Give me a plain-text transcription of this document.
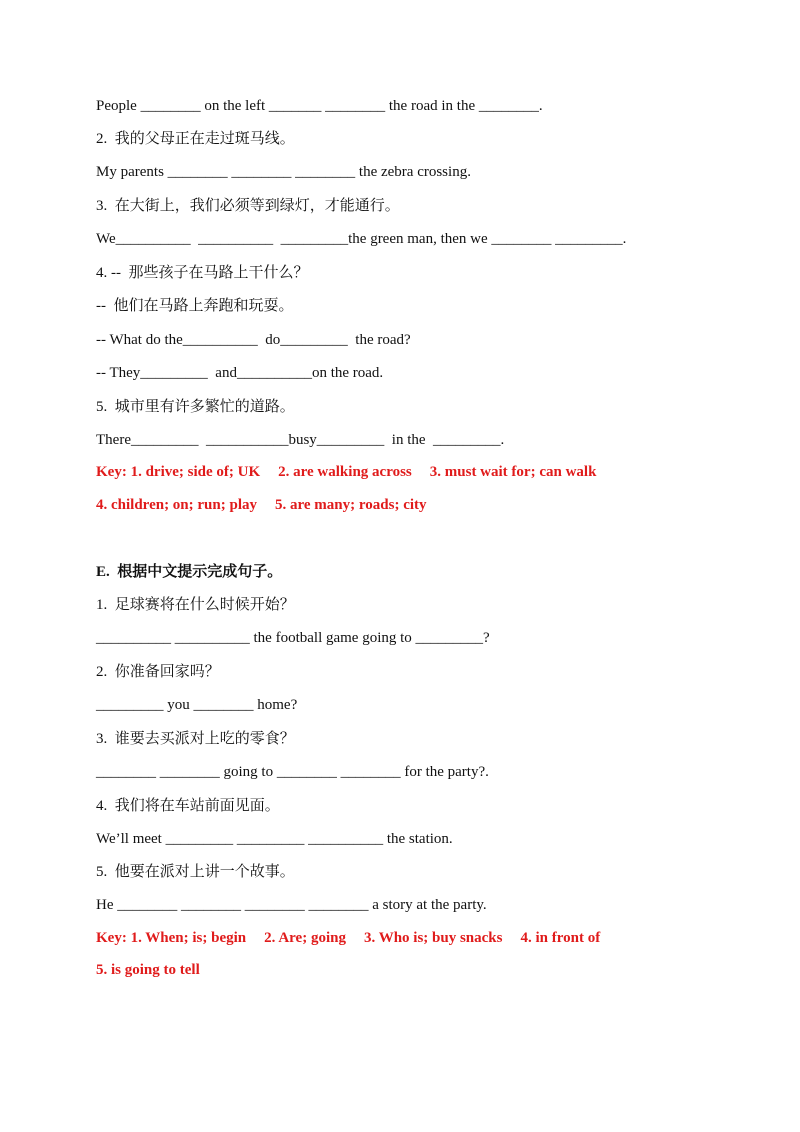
People ________ on the left _______ ________ the road in the ________.
2.  我的父母正在走过斑马线。
My parents ________ ________ ________ the zebra crossing.
3.  在大街上，我们必须等到绿灯，才能通行。
We__________  __________  _________the green man, then we ________ _________.
4. --  那些孩子在马路上干什么？
--  他们在马路上奔跑和玩耍。
-- What do the__________  do_________  the road?
-- They_________  and__________on the road.
5.  城市里有许多繁忙的道路。
There_________  ___________busy_________  in the  _________.
Key: 1. drive; side of; UK 2. are walking across 3. must wait for; can walk
4. children; on; run; play 5. are many; roads; city
E.  根据中文提示完成句子。
1.  足球赛将在什么时候开始？
__________ __________ the football game going to _________?
2.  你准备回家吗？
_________ you ________ home?
3.  谁要去买派对上吃的零食？
________ ________ going to ________ ________ for the party?.
4.  我们将在车站前面见面。
We’ll meet _________ _________ __________ the station.
5.  他要在派对上讲一个故事。
He ________ ________ ________ ________ a story at the party.
Key: 1. When; is; begin 2. Are; going 3. Who is; buy snacks 4. in front of
5. is going to tell
